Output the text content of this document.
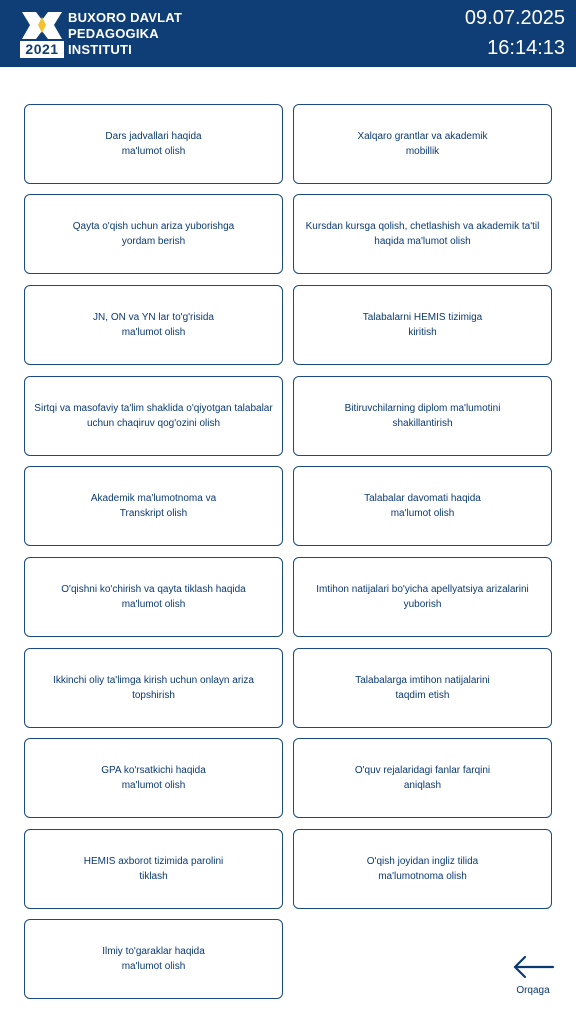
2021
BUXORO DAVLAT
PEDAGOGIKA
INSTITUTI
09.07.2025
16:14:13
Dars jadvallari haqida
ma'lumot olish
Xalqaro grantlar va akademik
mobillik
Qayta o'qish uchun ariza yuborishga
yordam berish
Kursdan kursga qolish, chetlashish va akademik ta'til
haqida ma'lumot olish
JN, ON va YN lar to'g'risida
ma'lumot olish
Talabalarni HEMIS tizimiga
kiritish
Sirtqi va masofaviy ta'lim shaklida o'qiyotgan talabalar
uchun chaqiruv qog'ozini olish
Bitiruvchilarning diplom ma'lumotini
shakillantirish
Akademik ma'lumotnoma va
Transkript olish
Talabalar davomati haqida
ma'lumot olish
O'qishni ko'chirish va qayta tiklash haqida
ma'lumot olish
Imtihon natijalari bo'yicha apellyatsiya arizalarini
yuborish
Ikkinchi oliy ta'limga kirish uchun onlayn ariza
topshirish
Talabalarga imtihon natijalarini
taqdim etish
GPA ko'rsatkichi haqida
ma'lumot olish
O'quv rejalaridagi fanlar farqini
aniqlash
HEMIS axborot tizimida parolini
tiklash
O'qish joyidan ingliz tilida
ma'lumotnoma olish
Ilmiy to'garaklar haqida
ma'lumot olish
Orqaga
